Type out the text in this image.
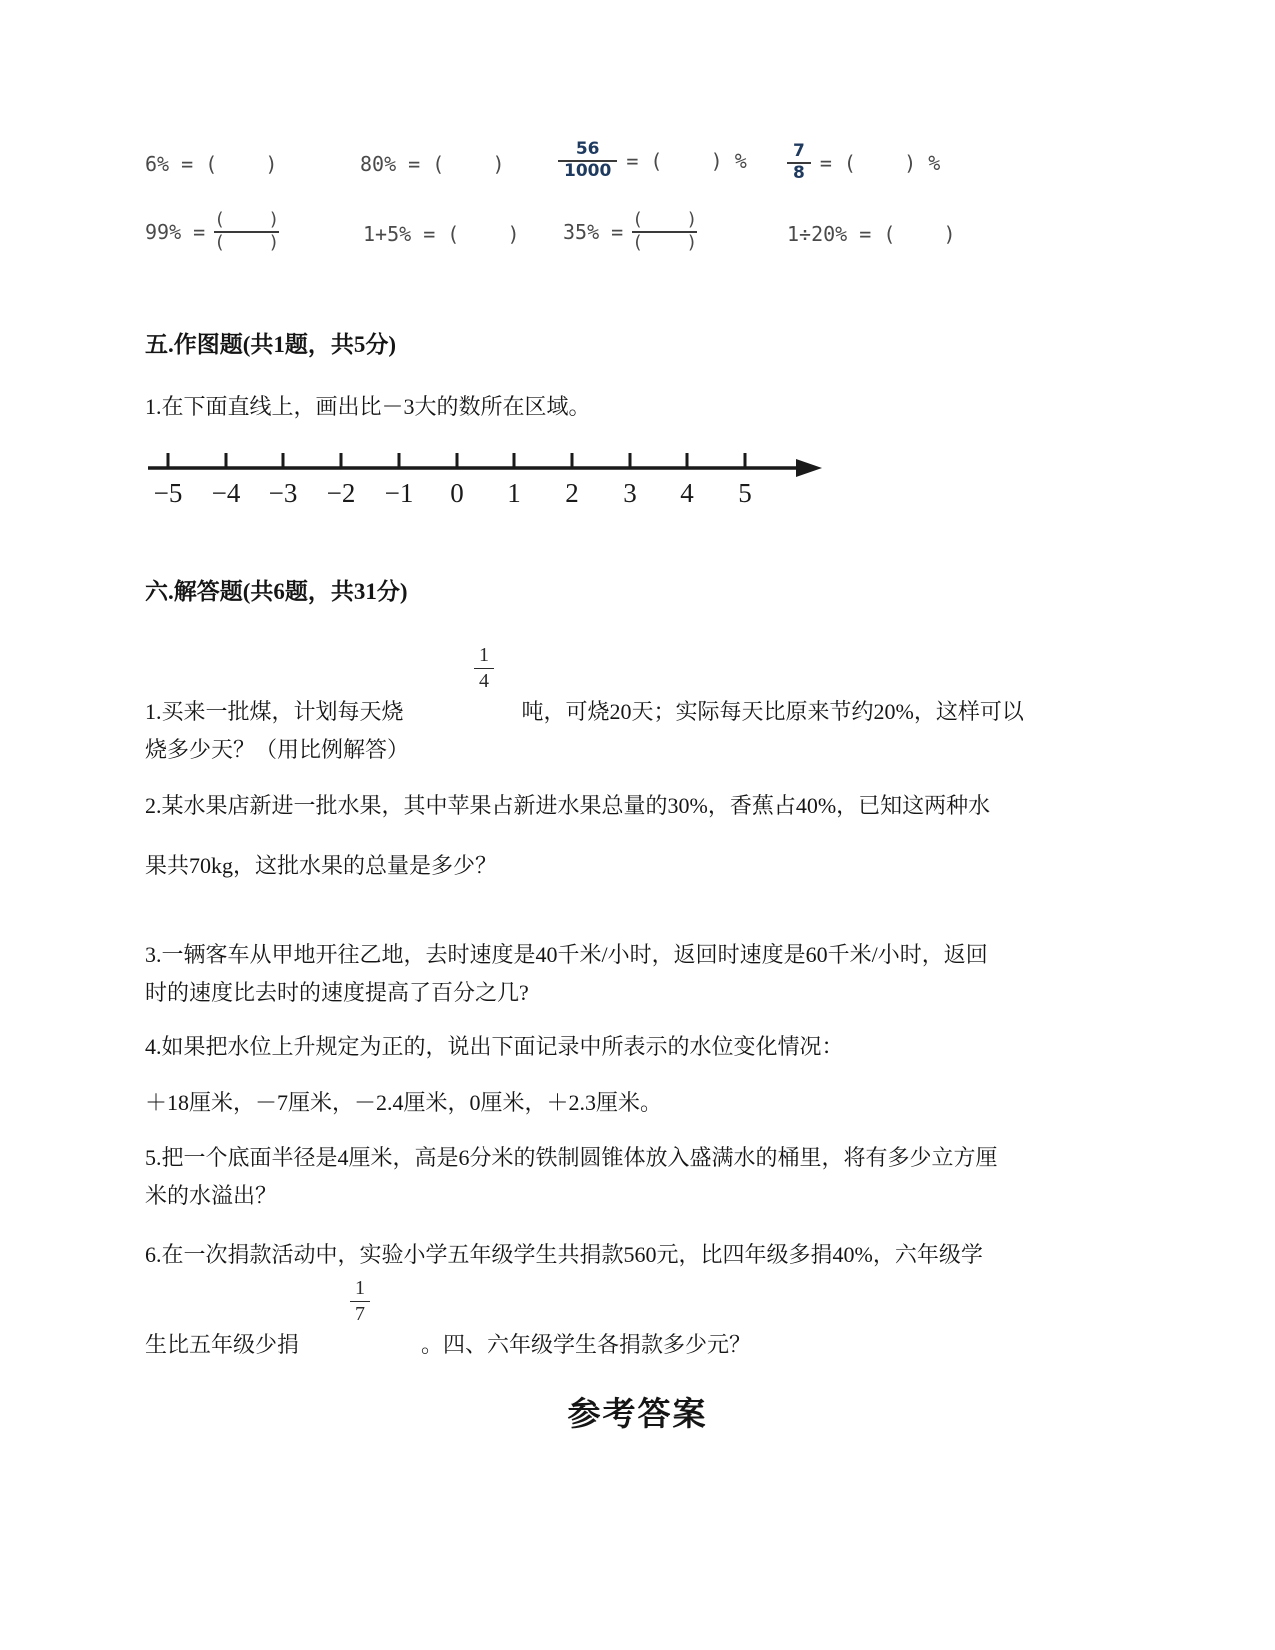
6% = (    )	80% = (    )	$\frac{56}{1000}$ = (    ) % $\frac{7}{8}$ = (    ) %
$99\% = \frac{( )}{( )}$	1+5% = (    ) $35\% = \frac{( )}{( )}$	1÷20% = (    )
五.作图题(共1题，共5分)
1.在下面直线上，画出比－3大的数所在区域。
−5 −4 −3 −2 −1 0 1 2 3 4 5
六.解答题(共6题，共31分)
$\frac{1}{4}$
1.买来一批煤，计划每天烧	吨，可烧20天；实际每天比原来节约20%，这样可以
烧多少天？（用比例解答）
2.某水果店新进一批水果，其中苹果占新进水果总量的30%，香蕉占40%，已知这两种水
果共70kg，这批水果的总量是多少？
3.一辆客车从甲地开往乙地，去时速度是40千米/小时，返回时速度是60千米/小时，返回
时的速度比去时的速度提高了百分之几?
4.如果把水位上升规定为正的，说出下面记录中所表示的水位变化情况：
＋18厘米，－7厘米，－2.4厘米，0厘米，＋2.3厘米。
5.把一个底面半径是4厘米，高是6分米的铁制圆锥体放入盛满水的桶里，将有多少立方厘
米的水溢出？
6.在一次捐款活动中，实验小学五年级学生共捐款560元，比四年级多捐40%，六年级学
$\frac{1}{7}$
生比五年级少捐	。四、六年级学生各捐款多少元？
参考答案
